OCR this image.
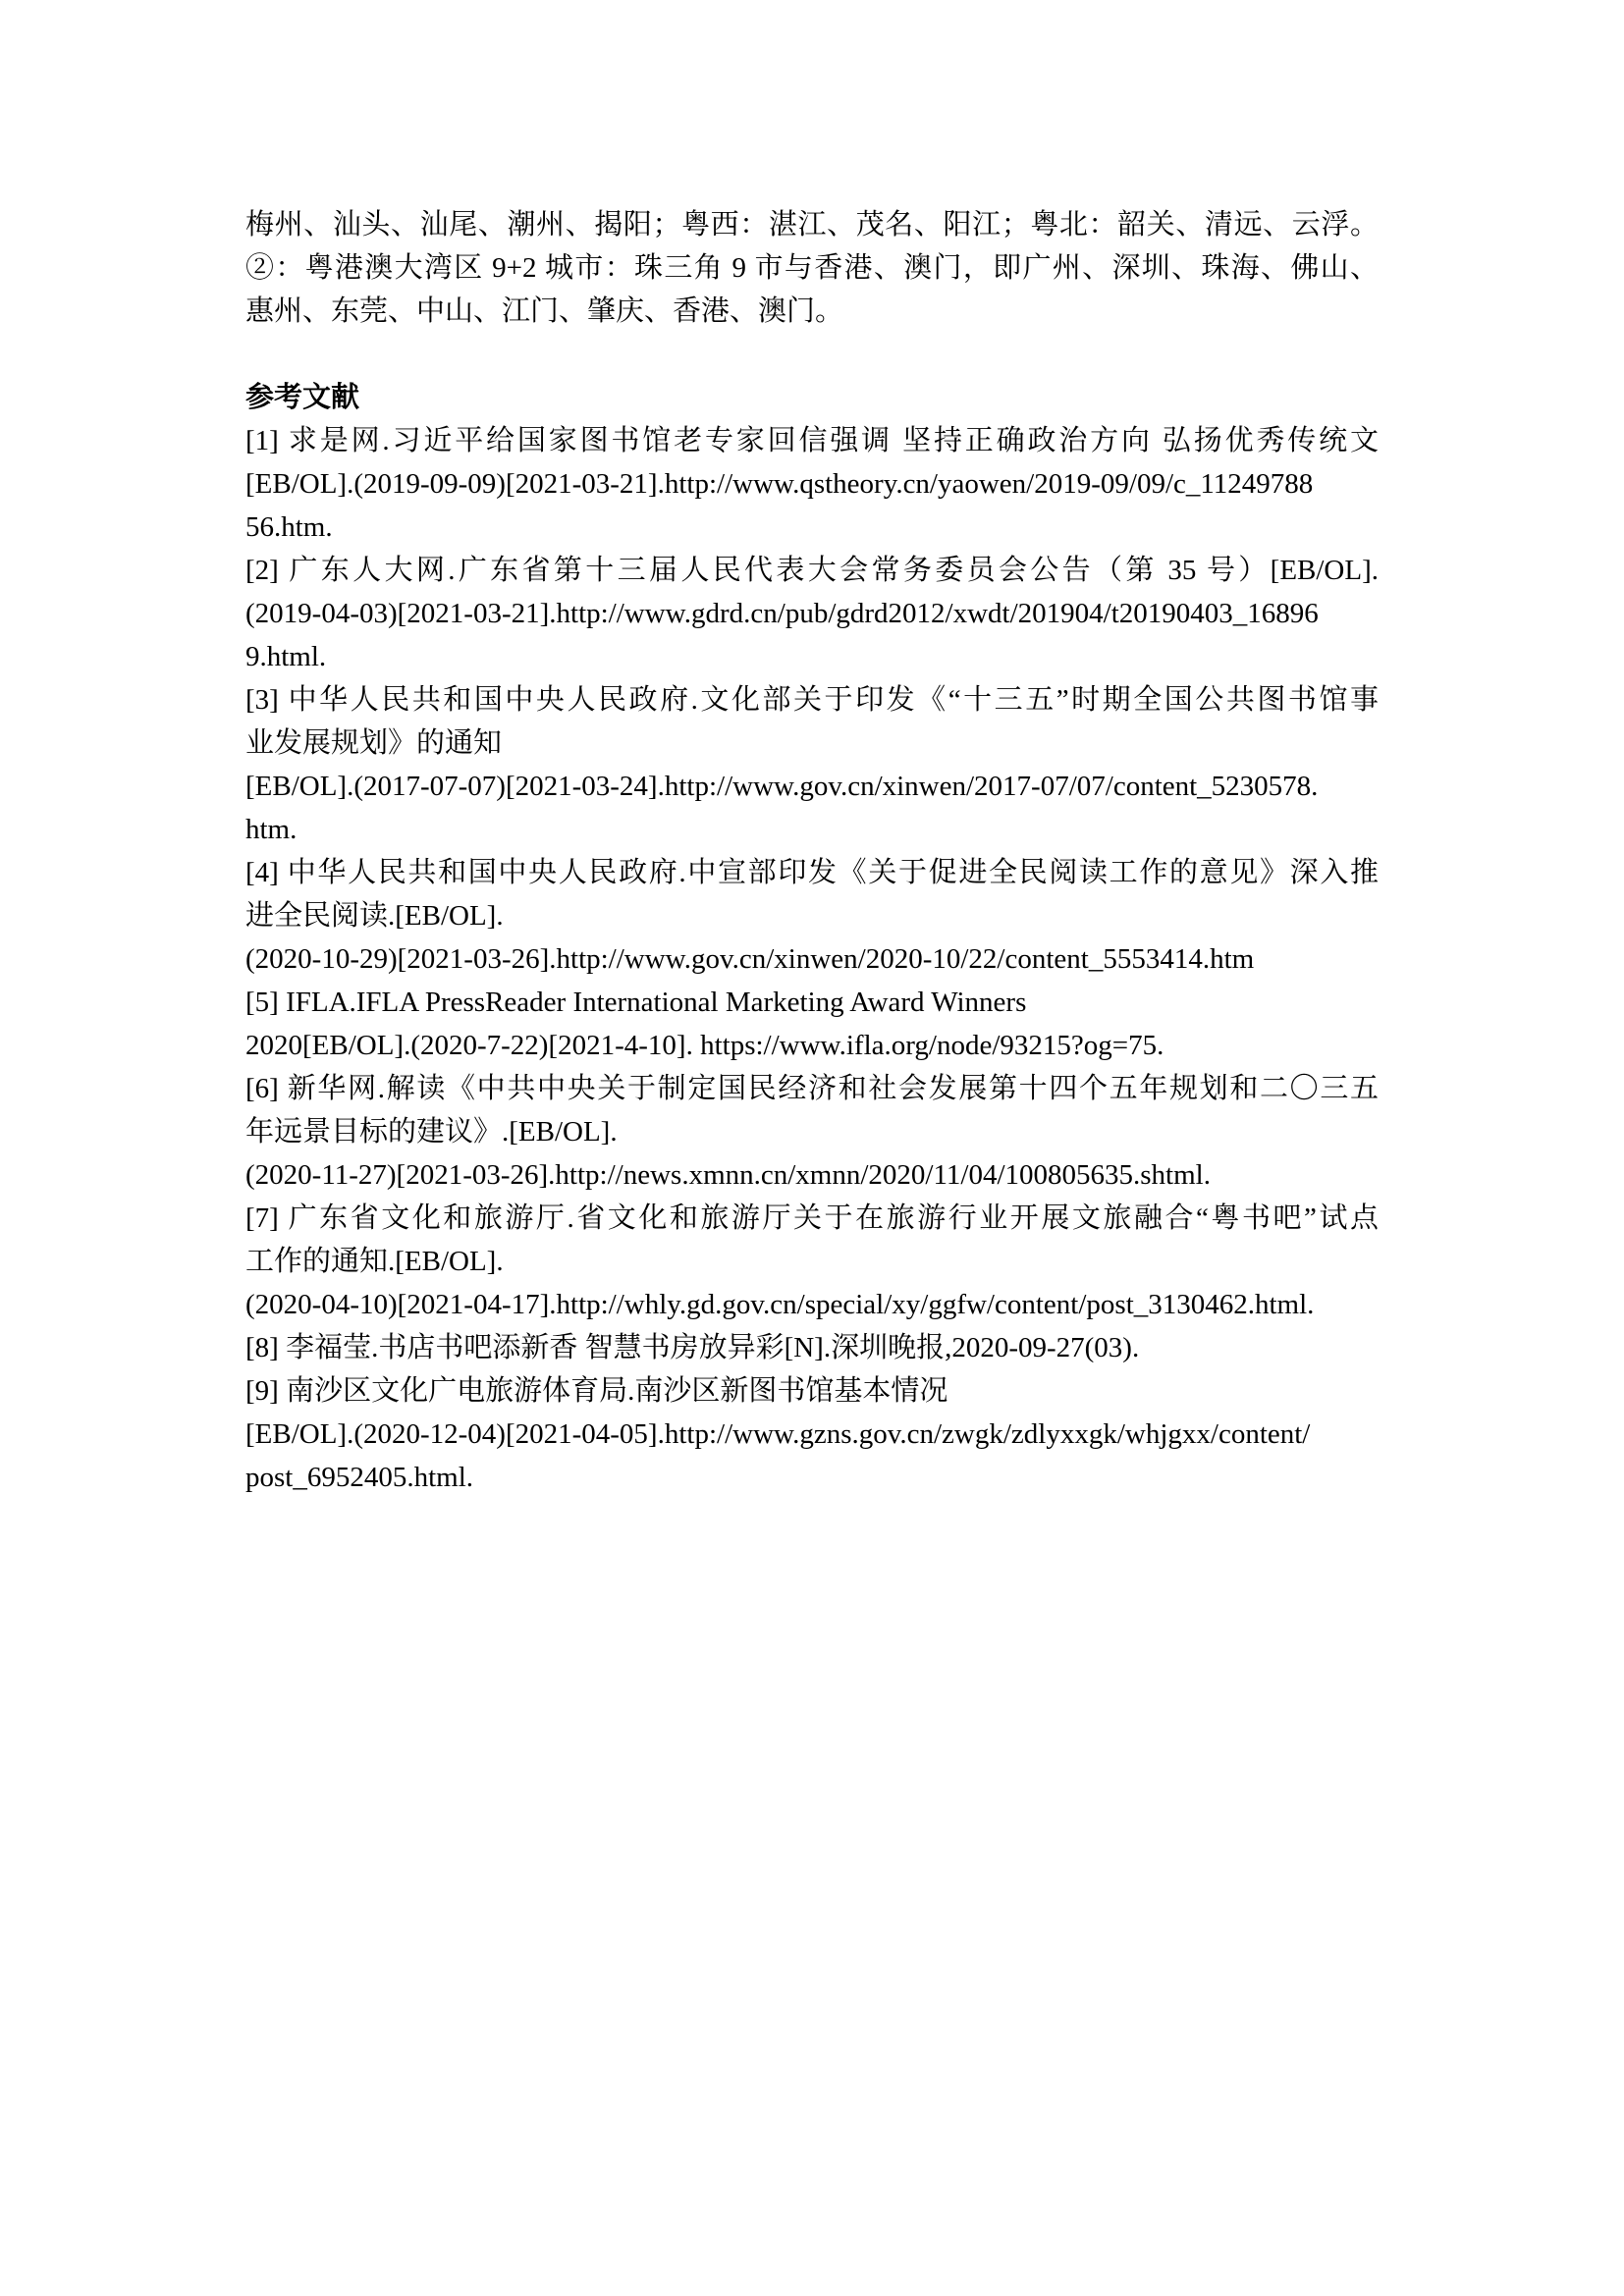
梅州、汕头、汕尾、潮州、揭阳；粤西：湛江、茂名、阳江；粤北：韶关、清远、云浮。

②：粤港澳大湾区 9+2 城市：珠三角 9 市与香港、澳门，即广州、深圳、珠海、佛山、

惠州、东莞、中山、江门、肇庆、香港、澳门。

参考文献

[1] 求是网.习近平给国家图书馆老专家回信强调 坚持正确政治方向 弘扬优秀传统文

[EB/OL].(2019-09-09)[2021-03-21].http://www.qstheory.cn/yaowen/2019-09/09/c_11249788

56.htm.

[2] 广东人大网.广东省第十三届人民代表大会常务委员会公告（第 35 号）[EB/OL].

(2019-04-03)[2021-03-21].http://www.gdrd.cn/pub/gdrd2012/xwdt/201904/t20190403_16896

9.html.

[3] 中华人民共和国中央人民政府.文化部关于印发《“十三五”时期全国公共图书馆事

业发展规划》的通知

[EB/OL].(2017-07-07)[2021-03-24].http://www.gov.cn/xinwen/2017-07/07/content_5230578.

htm.

[4] 中华人民共和国中央人民政府.中宣部印发《关于促进全民阅读工作的意见》深入推

进全民阅读.[EB/OL].

(2020-10-29)[2021-03-26].http://www.gov.cn/xinwen/2020-10/22/content_5553414.htm

[5] IFLA.IFLA PressReader International Marketing Award Winners

2020[EB/OL].(2020-7-22)[2021-4-10]. https://www.ifla.org/node/93215?og=75.

[6] 新华网.解读《中共中央关于制定国民经济和社会发展第十四个五年规划和二〇三五

年远景目标的建议》.[EB/OL].

(2020-11-27)[2021-03-26].http://news.xmnn.cn/xmnn/2020/11/04/100805635.shtml.

[7] 广东省文化和旅游厅.省文化和旅游厅关于在旅游行业开展文旅融合“粤书吧”试点

工作的通知.[EB/OL].

(2020-04-10)[2021-04-17].http://whly.gd.gov.cn/special/xy/ggfw/content/post_3130462.html.

[8] 李福莹.书店书吧添新香 智慧书房放异彩[N].深圳晚报,2020-09-27(03).

[9] 南沙区文化广电旅游体育局.南沙区新图书馆基本情况

[EB/OL].(2020-12-04)[2021-04-05].http://www.gzns.gov.cn/zwgk/zdlyxxgk/whjgxx/content/

post_6952405.html.
